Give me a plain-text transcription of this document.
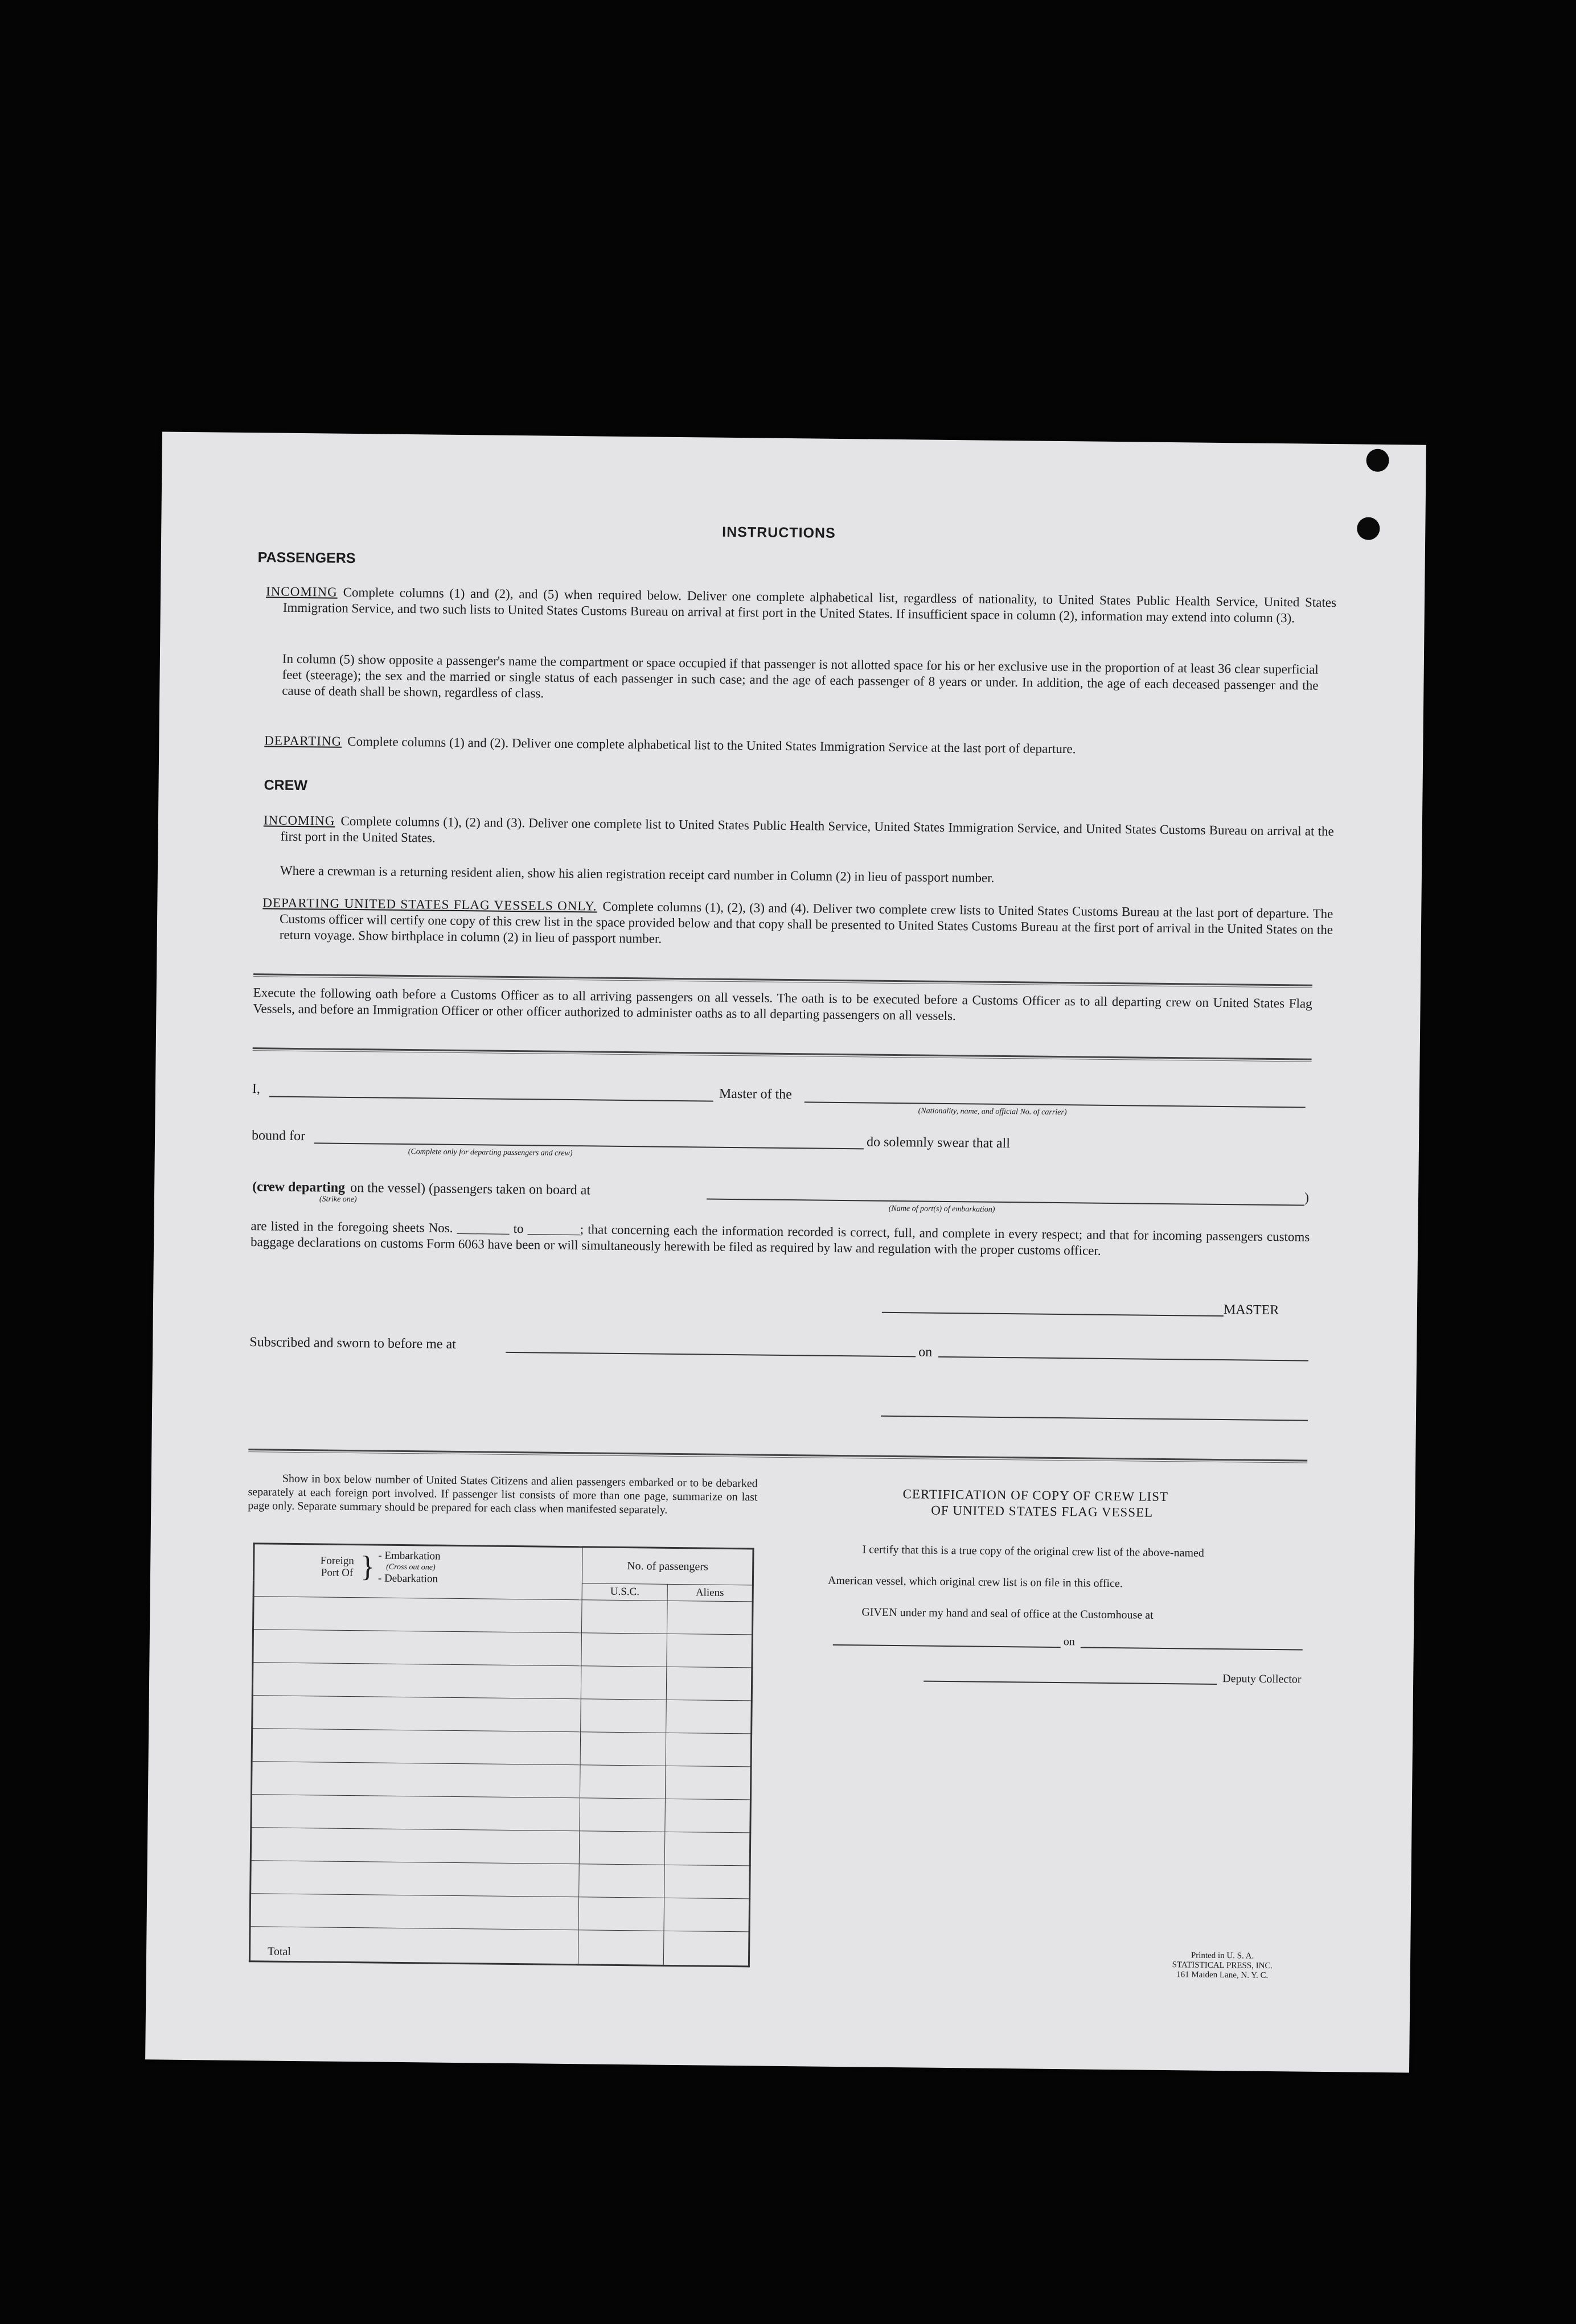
INSTRUCTIONS
PASSENGERS
INCOMING Complete columns (1) and (2), and (5) when required below. Deliver one complete alphabetical list, regardless of nationality, to United States Public Health Service, United States Immigration Service, and two such lists to United States Customs Bureau on arrival at first port in the United States. If insufficient space in column (2), information may extend into column (3).
In column (5) show opposite a passenger's name the compartment or space occupied if that passenger is not allotted space for his or her exclusive use in the proportion of at least 36 clear superficial feet (steerage); the sex and the married or single status of each passenger in such case; and the age of each passenger of 8 years or under. In addition, the age of each deceased passenger and the cause of death shall be shown, regardless of class.
DEPARTING Complete columns (1) and (2). Deliver one complete alphabetical list to the United States Immigration Service at the last port of departure.
CREW
INCOMING Complete columns (1), (2) and (3). Deliver one complete list to United States Public Health Service, United States Immigration Service, and United States Customs Bureau on arrival at the first port in the United States.
Where a crewman is a returning resident alien, show his alien registration receipt card number in Column (2) in lieu of passport number.
DEPARTING UNITED STATES FLAG VESSELS ONLY. Complete columns (1), (2), (3) and (4). Deliver two complete crew lists to United States Customs Bureau at the last port of departure. The Customs officer will certify one copy of this crew list in the space provided below and that copy shall be presented to United States Customs Bureau at the first port of arrival in the United States on the return voyage. Show birthplace in column (2) in lieu of passport number.
Execute the following oath before a Customs Officer as to all arriving passengers on all vessels. The oath is to be executed before a Customs Officer as to all departing crew on United States Flag Vessels, and before an Immigration Officer or other officer authorized to administer oaths as to all departing passengers on all vessels.
I,	Master of the
(Nationality, name, and official No. of carrier)
bound for
(Complete only for departing passengers and crew)
do solemnly swear that all
(crew departing on the vessel) (passengers taken on board at
(Strike one)	)
(Name of port(s) of embarkation)
are listed in the foregoing sheets Nos. ________ to ________; that concerning each the information recorded is correct, full, and complete in every respect; and that for incoming passengers customs baggage declarations on customs Form 6063 have been or will simultaneously herewith be filed as required by law and regulation with the proper customs officer.
MASTER
Subscribed and sworn to before me at
on
Show in box below number of United States Citizens and alien passengers embarked or to be debarked separately at each foreign port involved. If passenger list consists of more than one page, summarize on last page only. Separate summary should be prepared for each class when manifested separately.
Foreign Port Of } - Embarkation
(Cross out one)
- Debarkation	No. of passengers	
	U.S.C.	Aliens

Total		
CERTIFICATION OF COPY OF CREW LIST
OF UNITED STATES FLAG VESSEL
I certify that this is a true copy of the original crew list of the above-named
American vessel, which original crew list is on file in this office.
GIVEN under my hand and seal of office at the Customhouse at
on
Deputy Collector
Printed in U. S. A.
STATISTICAL PRESS, INC.
161 Maiden Lane, N. Y. C.
